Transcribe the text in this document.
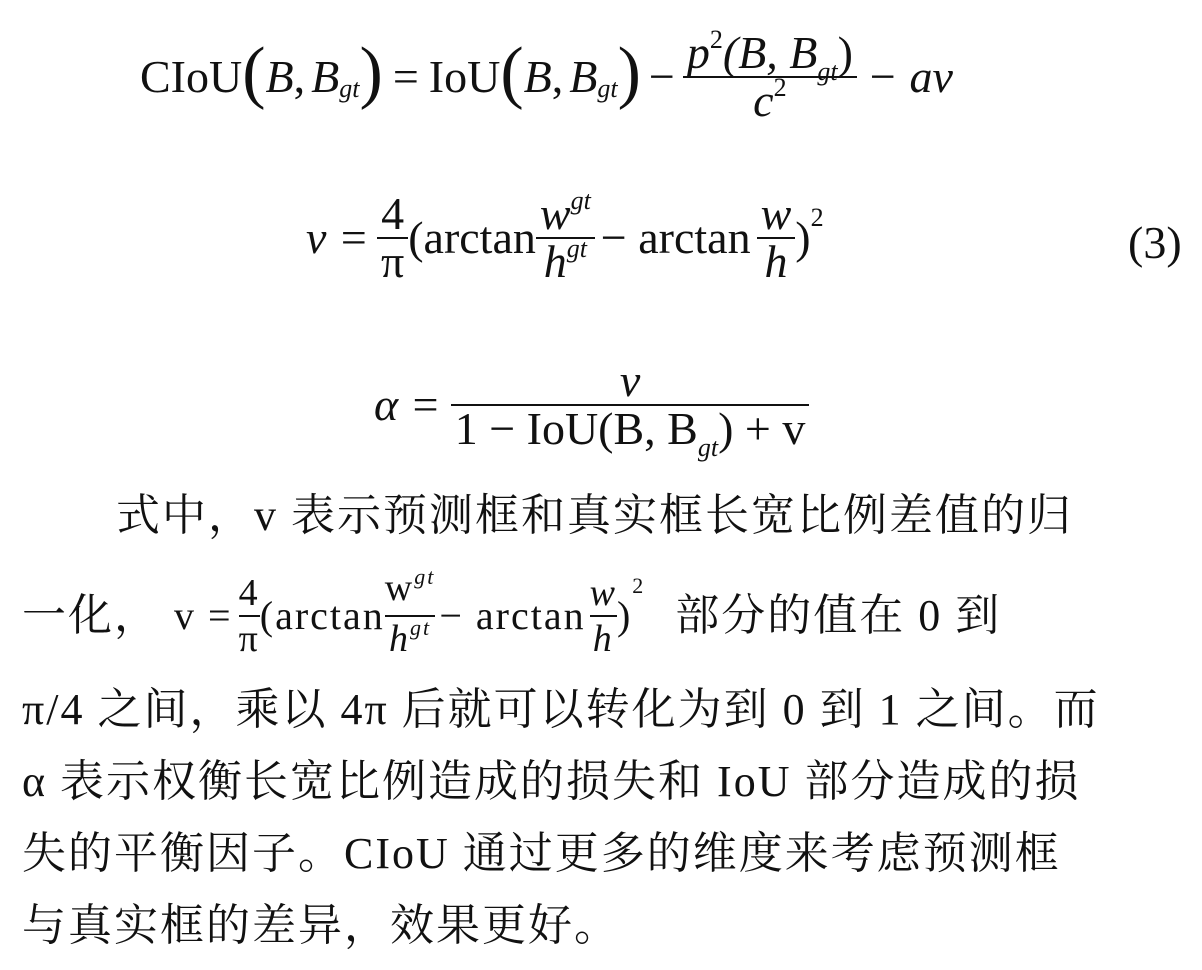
CIoU ( B , B gt ) = IoU ( B , B gt ) − $\frac{p^2(B, B_{gt})}{c^2}$ − av
$v = \frac{4}{\pi} (\arctan \frac{w^{gt}}{h^{gt}} - \arctan \frac{w}{h}$ ) 2	(3)
$\alpha = \frac{v}{1 - IoU(B, B_{gt}) + v}$
式中，v 表示预测框和真实框长宽比例差值的归
一化， $v = \frac{4}{\pi} (\arctan \frac{w^{gt}}{h^{gt}} - \arctan \frac{w}{h}$ )
2
部分的值在 0 到
π/4 之间，乘以 4π 后就可以转化为到 0 到 1 之间。而
α 表示权衡长宽比例造成的损失和 IoU 部分造成的损
失的平衡因子。CIoU 通过更多的维度来考虑预测框
与真实框的差异，效果更好。
